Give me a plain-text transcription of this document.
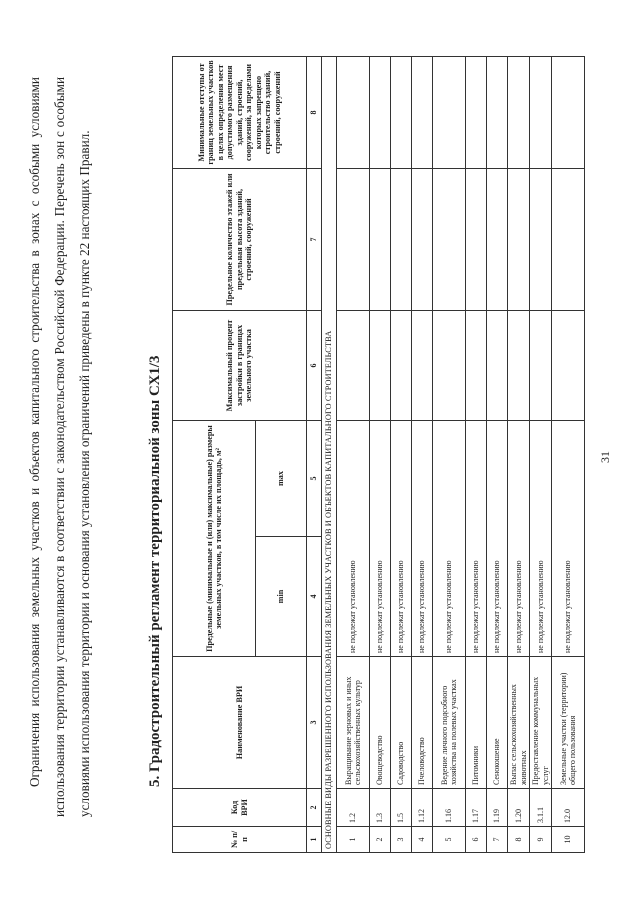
31

Ограничения использования земельных участков и объектов капитального строительства в зонах с особыми условиями использования территории устанавливаются в соответствии с законодательством Российской Федерации. Перечень зон с особыми условиями использования территории и основания установления ограничений приведены в пункте 22 настоящих Правил.	5. Градостроительный регламент территориальной зоны СХ1/3
№ п/п	Код ВРИ	Наименование ВРИ	Предельные (минимальные и (или) максимальные) размеры земельных участков, в том числе их площадь, м²		Максимальный процент застройки в границах земельного участка	Предельное количество этажей или предельная высота зданий, строений, сооружений	Минимальные отступы от границ земельных участков в целях определения мест допустимого размещения зданий, строений, сооружений, за пределами которых запрещено строительство зданий, строений, сооружений
			min	max			
1	2	3	4	5	6	7	8
ОСНОВНЫЕ ВИДЫ РАЗРЕШЕННОГО ИСПОЛЬЗОВАНИЯ ЗЕМЕЛЬНЫХ УЧАСТКОВ И ОБЪЕКТОВ КАПИТАЛЬНОГО СТРОИТЕЛЬСТВА							
1	1.2	Выращивание зерновых и иных сельскохозяйственных культур	не подлежат установлению				
2	1.3	Овощеводство	не подлежат установлению				
3	1.5	Садоводство	не подлежат установлению				
4	1.12	Пчеловодство	не подлежат установлению				
5	1.16	Ведение личного подсобного хозяйства на полевых участках	не подлежат установлению				
6	1.17	Питомники	не подлежат установлению				
7	1.19	Сенокошение	не подлежат установлению				
8	1.20	Выпас сельскохозяйственных животных	не подлежат установлению				
9	3.1.1	Предоставление коммунальных услуг	не подлежат установлению				
10	12.0	Земельные участки (территории) общего пользования	не подлежат установлению				
